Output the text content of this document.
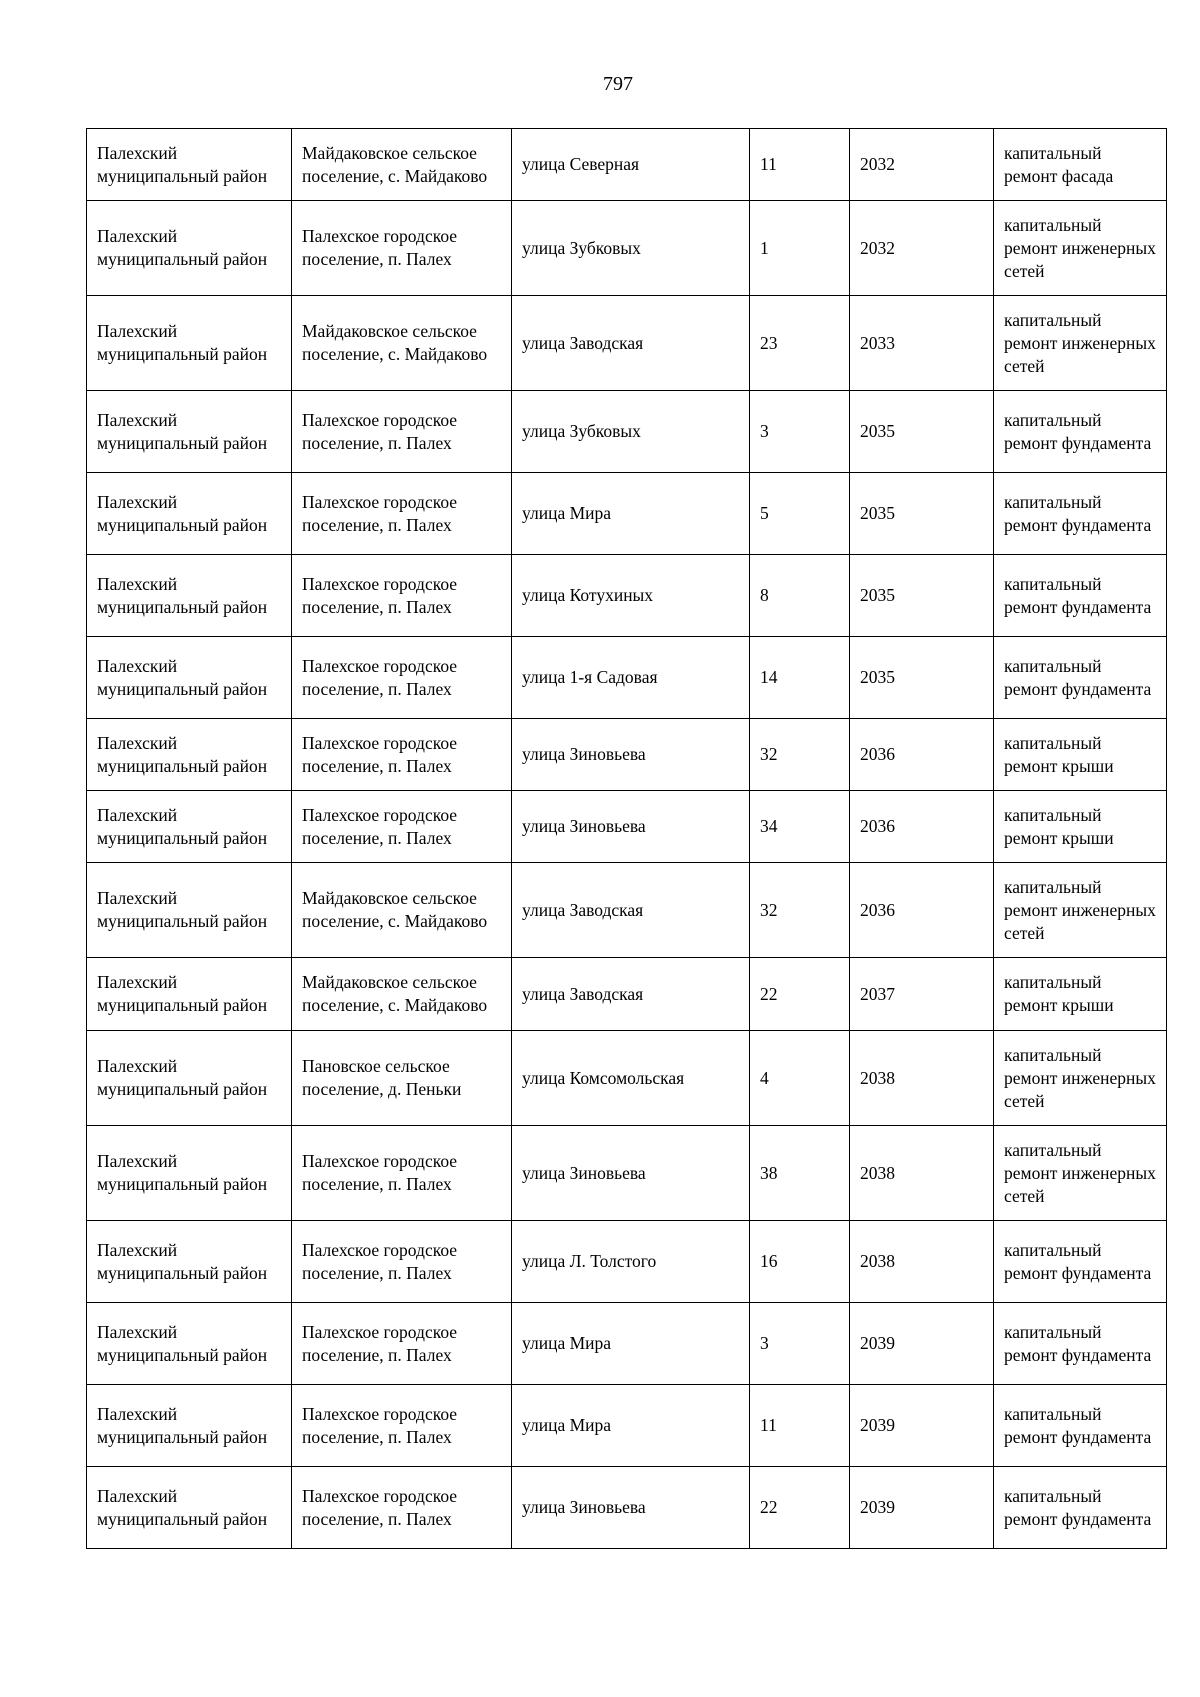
797
Палехский муниципальный район	Майдаковское сельское поселение, с. Майдаково	улица Северная	11	2032	капитальный ремонт фасада
Палехский муниципальный район	Палехское городское поселение, п. Палех	улица Зубковых	1	2032	капитальный ремонт инженерных сетей
Палехский муниципальный район	Майдаковское сельское поселение, с. Майдаково	улица Заводская	23	2033	капитальный ремонт инженерных сетей
Палехский муниципальный район	Палехское городское поселение, п. Палех	улица Зубковых	3	2035	капитальный ремонт фундамента
Палехский муниципальный район	Палехское городское поселение, п. Палех	улица Мира	5	2035	капитальный ремонт фундамента
Палехский муниципальный район	Палехское городское поселение, п. Палех	улица Котухиных	8	2035	капитальный ремонт фундамента
Палехский муниципальный район	Палехское городское поселение, п. Палех	улица 1-я Садовая	14	2035	капитальный ремонт фундамента
Палехский муниципальный район	Палехское городское поселение, п. Палех	улица Зиновьева	32	2036	капитальный ремонт крыши
Палехский муниципальный район	Палехское городское поселение, п. Палех	улица Зиновьева	34	2036	капитальный ремонт крыши
Палехский муниципальный район	Майдаковское сельское поселение, с. Майдаково	улица Заводская	32	2036	капитальный ремонт инженерных сетей
Палехский муниципальный район	Майдаковское сельское поселение, с. Майдаково	улица Заводская	22	2037	капитальный ремонт крыши
Палехский муниципальный район	Пановское сельское поселение, д. Пеньки	улица Комсомольская	4	2038	капитальный ремонт инженерных сетей
Палехский муниципальный район	Палехское городское поселение, п. Палех	улица Зиновьева	38	2038	капитальный ремонт инженерных сетей
Палехский муниципальный район	Палехское городское поселение, п. Палех	улица Л. Толстого	16	2038	капитальный ремонт фундамента
Палехский муниципальный район	Палехское городское поселение, п. Палех	улица Мира	3	2039	капитальный ремонт фундамента
Палехский муниципальный район	Палехское городское поселение, п. Палех	улица Мира	11	2039	капитальный ремонт фундамента
Палехский муниципальный район	Палехское городское поселение, п. Палех	улица Зиновьева	22	2039	капитальный ремонт фундамента
